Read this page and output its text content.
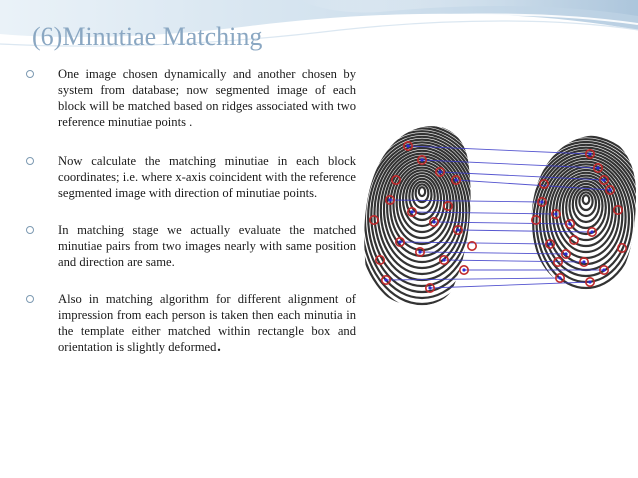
(6)Minutiae Matching
One image chosen dynamically and another chosen by system from database; now segmented image of each block will be matched based on ridges associated with two reference minutiae points .
Now calculate the matching minutiae in each block coordinates; i.e. where x-axis coincident with the reference segmented image with direction of minutiae points.
In matching stage we actually evaluate the matched minutiae pairs from two images nearly with same position and direction are same.
Also in matching algorithm for different alignment of impression from each person is taken then each minutia in the template either matched within rectangle box and orientation is slightly deformed.
